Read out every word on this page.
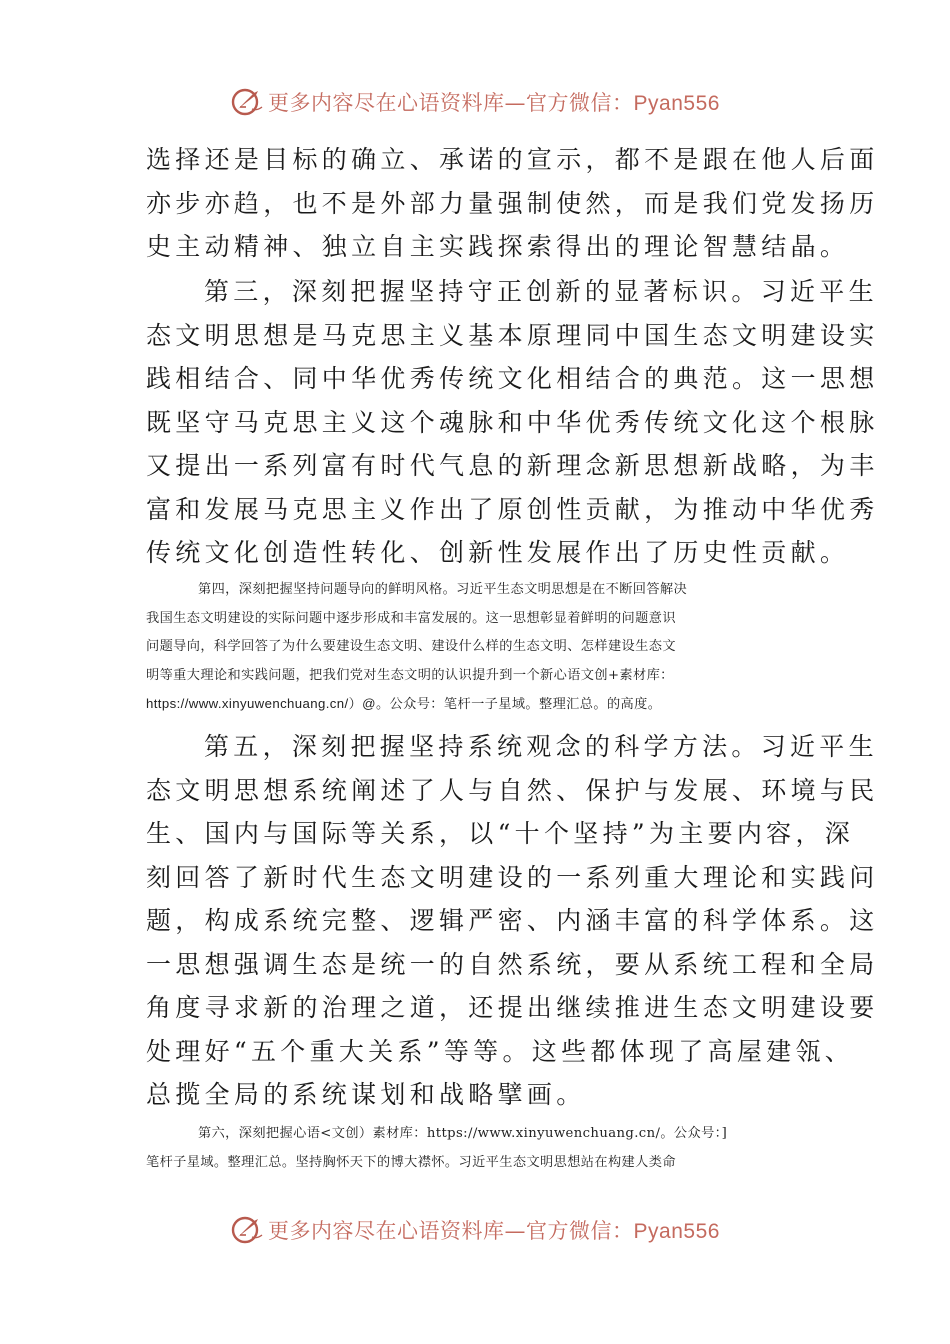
更多内容尽在心语资料库—官方微信：Pyan556
选择还是目标的确立、承诺的宣示，都不是跟在他人后面
亦步亦趋，也不是外部力量强制使然，而是我们党发扬历
史主动精神、独立自主实践探索得出的理论智慧结晶。
第三，深刻把握坚持守正创新的显著标识。习近平生
态文明思想是马克思主义基本原理同中国生态文明建设实
践相结合、同中华优秀传统文化相结合的典范。这一思想
既坚守马克思主义这个魂脉和中华优秀传统文化这个根脉
又提出一系列富有时代气息的新理念新思想新战略，为丰
富和发展马克思主义作出了原创性贡献，为推动中华优秀
传统文化创造性转化、创新性发展作出了历史性贡献。
第四，深刻把握坚持问题导向的鲜明风格。习近平生态文明思想是在不断回答解决
我国生态文明建设的实际问题中逐步形成和丰富发展的。这一思想彰显着鲜明的问题意识
问题导向，科学回答了为什么要建设生态文明、建设什么样的生态文明、怎样建设生态文
明等重大理论和实践问题，把我们党对生态文明的认识提升到一个新心语文创+素材库：
https://www.xinyuwenchuang.cn/）@。公众号：笔杆一子星域。整理汇总。的高度。
第五，深刻把握坚持系统观念的科学方法。习近平生
态文明思想系统阐述了人与自然、保护与发展、环境与民
生、国内与国际等关系，以“十个坚持”为主要内容，深
刻回答了新时代生态文明建设的一系列重大理论和实践问
题，构成系统完整、逻辑严密、内涵丰富的科学体系。这
一思想强调生态是统一的自然系统，要从系统工程和全局
角度寻求新的治理之道，还提出继续推进生态文明建设要
处理好“五个重大关系”等等。这些都体现了高屋建瓴、
总揽全局的系统谋划和战略擘画。
第六，深刻把握心语<文创）素材库：https://www.xinyuwenchuang.cn/。公众号：]
笔杆子星域。整理汇总。坚持胸怀天下的博大襟怀。习近平生态文明思想站在构建人类命
更多内容尽在心语资料库—官方微信：Pyan556
